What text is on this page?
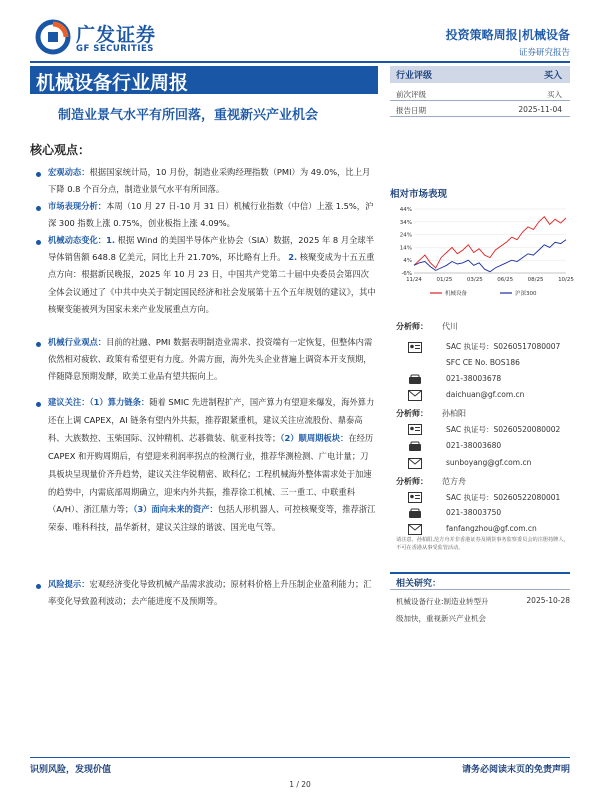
广发证券
GF SECURITIES
投资策略周报|机械设备
证券研究报告
机械设备行业周报
制造业景气水平有所回落，重视新兴产业机会
行业评级	买入
前次评级	买入
报告日期	2025-11-04
核心观点：
宏观动态：根据国家统计局，10 月份，制造业采购经理指数（PMI）为 49.0%，比上月下降 0.8 个百分点，制造业景气水平有所回落。
市场表现分析：本周（10 月 27 日-10 月 31 日）机械行业指数（中信）上涨 1.5%，沪深 300 指数上涨 0.75%，创业板指上涨 4.09%。
机械动态变化：1. 根据 Wind 的美国半导体产业协会（SIA）数据，2025 年 8 月全球半导体销售额 648.8 亿美元，同比上升 21.70%，环比略有上升。 2. 核聚变成为十五五重点方向：根据新民晚报，2025 年 10 月 23 日，中国共产党第二十届中央委员会第四次全体会议通过了《中共中央关于制定国民经济和社会发展第十五个五年规划的建议》，其中核聚变能被列为国家未来产业发展重点方向。
机械行业观点：目前的社融、PMI 数据表明制造业需求、投资端有一定恢复，但整体内需依然相对疲软、政策有希望更有力度。外需方面，海外先头企业普遍上调资本开支预期，伴随降息预期发酵，欧美工业品有望共振向上。
建议关注：（1）算力链条：随着 SMIC 先进制程扩产，国产算力有望迎来爆发，海外算力还在上调 CAPEX，AI 链条有望内外共振，推荐跟紧重机，建议关注应流股份、鼎泰高科、大族数控、玉柴国际、汉钟精机、芯碁微装、航亚科技等；（2）顺周期板块：在经历 CAPEX 和开购周期后，有望迎来利润率拐点的检测行业，推荐华测检测、广电计量；刀具板块呈现量价齐升趋势，建议关注华锐精密、欧科亿；工程机械海外整体需求处于加速的趋势中，内需底部周期确立，迎来内外共振，推荐徐工机械、三一重工、中联重科（A/H）、浙江鼎力等；（3）面向未来的资产：包括人形机器人、可控核聚变等，推荐浙江荣泰、唯科科技，晶华新材，建议关注绿的谐波、国光电气等。
风险提示：宏观经济变化导致机械产品需求波动；原材料价格上升压制企业盈利能力；汇率变化导致盈利波动；去产能进度不及预期等。
相对市场表现
44%
34%
24%
14%
4%
-6%
11/24	01/25	03/25	06/25	08/25	10/25
机械设备	沪深300
分析师： 代川
SAC 执证号：S0260517080007
SFC CE No. BOS186
021-38003678
daichuan@gf.com.cn
分析师： 孙柏阳
SAC 执证号：S0260520080002
021-38003680
sunboyang@gf.com.cn
分析师： 范方舟
SAC 执证号：S0260522080001
021-38003750
fanfangzhou@gf.com.cn
请注意，孙柏阳,范方舟并非香港证券及期货事务监察委员会的注册持牌人，不可在香港从事受监管活动。
相关研究：
机械设备行业:制造业转型升	2025-10-28
级加快，重视新兴产业机会
识别风险，发现价值	请务必阅读末页的免责声明
1 / 20
